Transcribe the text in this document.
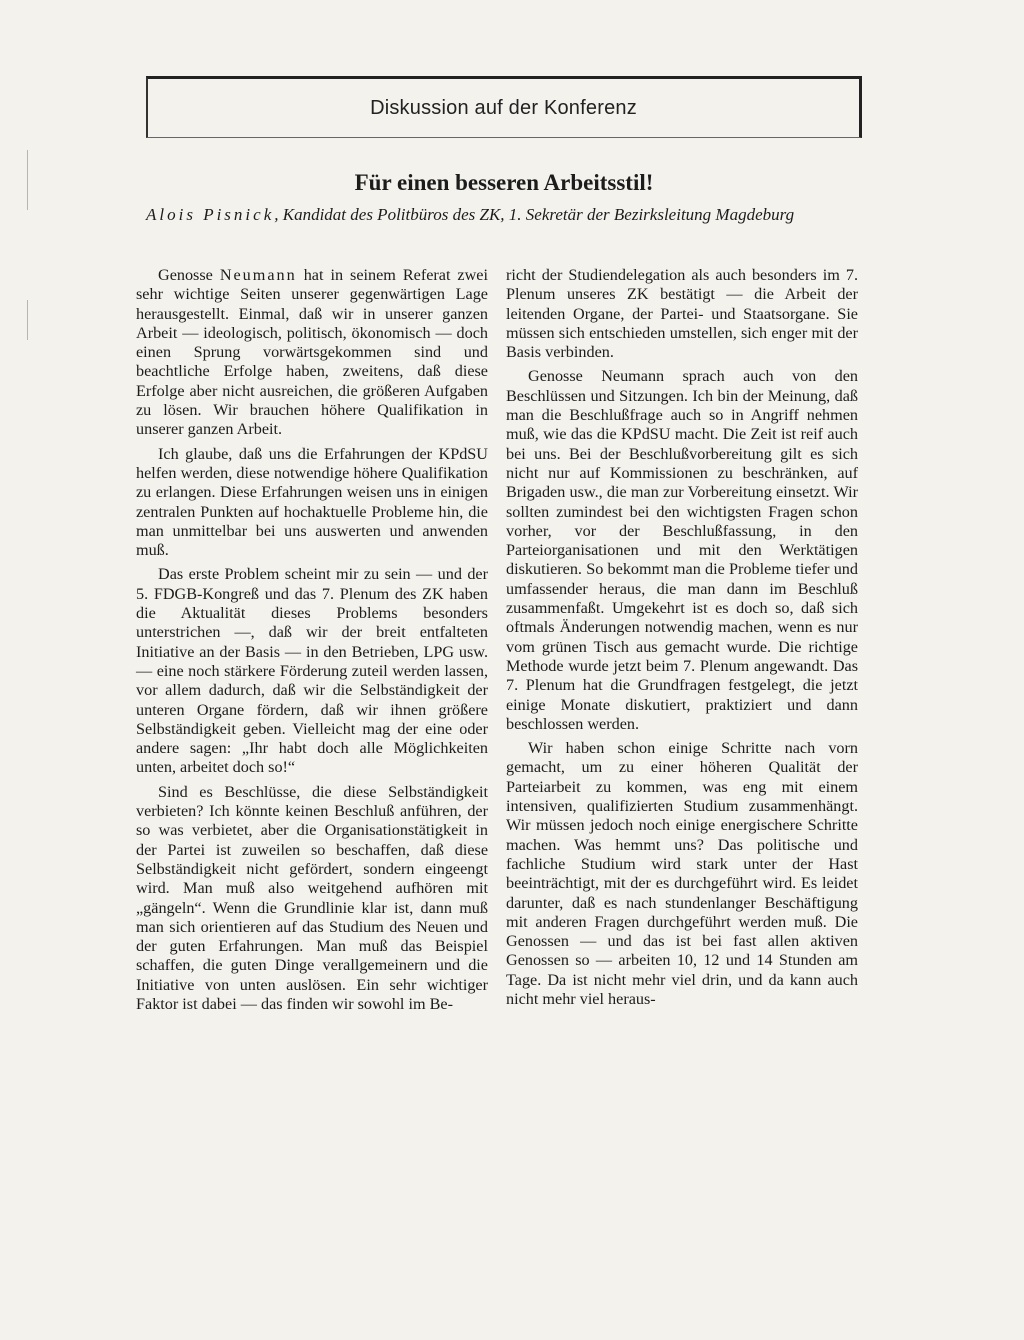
Diskussion auf der Konferenz
Für einen besseren Arbeitsstil!
Alois Pisnick, Kandidat des Politbüros des ZK, 1. Sekretär der Bezirksleitung Magdeburg

Genosse Neumann hat in seinem Referat zwei sehr wichtige Seiten unserer gegenwärtigen Lage herausgestellt. Einmal, daß wir in unserer ganzen Arbeit — ideologisch, politisch, ökonomisch — doch einen Sprung vorwärtsgekommen sind und beachtliche Erfolge haben, zweitens, daß diese Erfolge aber nicht ausreichen, die größeren Aufgaben zu lösen. Wir brauchen höhere Qualifikation in unserer ganzen Arbeit.

Ich glaube, daß uns die Erfahrungen der KPdSU helfen werden, diese notwendige höhere Qualifikation zu erlangen. Diese Erfahrungen weisen uns in einigen zentralen Punkten auf hochaktuelle Probleme hin, die man unmittelbar bei uns auswerten und anwenden muß.

Das erste Problem scheint mir zu sein — und der 5. FDGB-Kongreß und das 7. Plenum des ZK haben die Aktualität dieses Problems besonders unterstrichen —, daß wir der breit entfalteten Initiative an der Basis — in den Betrieben, LPG usw. — eine noch stärkere Förderung zuteil werden lassen, vor allem dadurch, daß wir die Selbständigkeit der unteren Organe fördern, daß wir ihnen größere Selbständigkeit geben. Vielleicht mag der eine oder andere sagen: „Ihr habt doch alle Möglichkeiten unten, arbeitet doch so!“

Sind es Beschlüsse, die diese Selbständigkeit verbieten? Ich könnte keinen Beschluß anführen, der so was verbietet, aber die Organisationstätigkeit in der Partei ist zuweilen so beschaffen, daß diese Selbständigkeit nicht gefördert, sondern eingeengt wird. Man muß also weitgehend aufhören mit „gängeln“. Wenn die Grundlinie klar ist, dann muß man sich orientieren auf das Studium des Neuen und der guten Erfahrungen. Man muß das Beispiel schaffen, die guten Dinge verallgemeinern und die Initiative von unten auslösen. Ein sehr wichtiger Faktor ist dabei — das finden wir sowohl im Be-

richt der Studiendelegation als auch besonders im 7. Plenum unseres ZK bestätigt — die Arbeit der leitenden Organe, der Partei- und Staatsorgane. Sie müssen sich entschieden umstellen, sich enger mit der Basis verbinden.

Genosse Neumann sprach auch von den Beschlüssen und Sitzungen. Ich bin der Meinung, daß man die Beschlußfrage auch so in Angriff nehmen muß, wie das die KPdSU macht. Die Zeit ist reif auch bei uns. Bei der Beschlußvorbereitung gilt es sich nicht nur auf Kommissionen zu beschränken, auf Brigaden usw., die man zur Vorbereitung einsetzt. Wir sollten zumindest bei den wichtigsten Fragen schon vorher, vor der Beschlußfassung, in den Parteiorganisationen und mit den Werktätigen diskutieren. So bekommt man die Probleme tiefer und umfassender heraus, die man dann im Beschluß zusammenfaßt. Umgekehrt ist es doch so, daß sich oftmals Änderungen notwendig machen, wenn es nur vom grünen Tisch aus gemacht wurde. Die richtige Methode wurde jetzt beim 7. Plenum angewandt. Das 7. Plenum hat die Grundfragen festgelegt, die jetzt einige Monate diskutiert, praktiziert und dann beschlossen werden.

Wir haben schon einige Schritte nach vorn gemacht, um zu einer höheren Qualität der Parteiarbeit zu kommen, was eng mit einem intensiven, qualifizierten Studium zusammenhängt. Wir müssen jedoch noch einige energischere Schritte machen. Was hemmt uns? Das politische und fachliche Studium wird stark unter der Hast beeinträchtigt, mit der es durchgeführt wird. Es leidet darunter, daß es nach stundenlanger Beschäftigung mit anderen Fragen durchgeführt werden muß. Die Genossen — und das ist bei fast allen aktiven Genossen so — arbeiten 10, 12 und 14 Stunden am Tage. Da ist nicht mehr viel drin, und da kann auch nicht mehr viel heraus-
